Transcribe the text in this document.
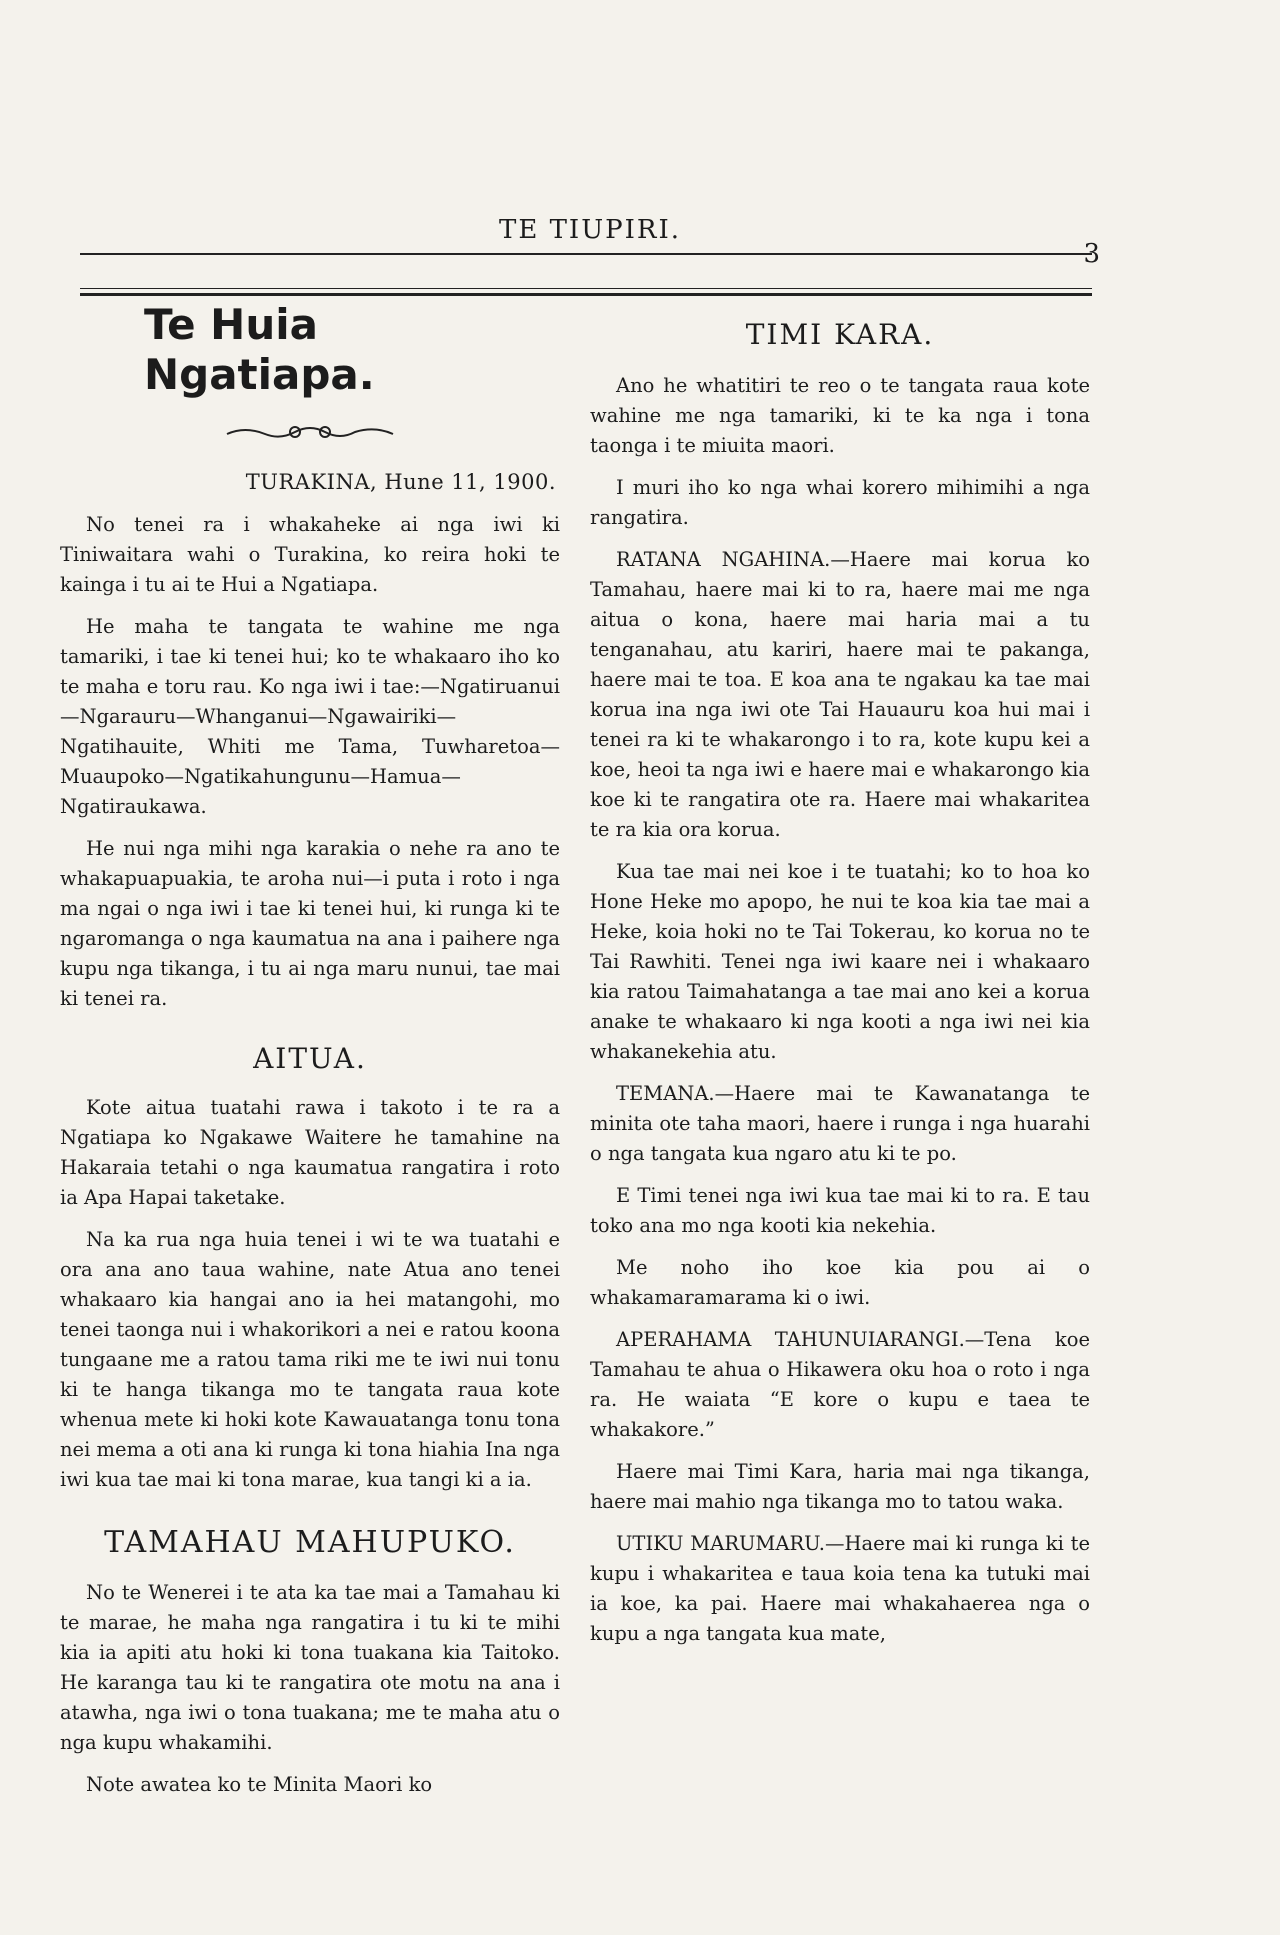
TE TIUPIRI.
3
Te Huia Ngatiapa.
TURAKINA, Hune 11, 1900.

No tenei ra i whakaheke ai nga iwi ki Tiniwaitara wahi o Turakina, ko reira hoki te kainga i tu ai te Hui a Ngatiapa.

He maha te tangata te wahine me nga tamariki, i tae ki tenei hui; ko te whakaaro iho ko te maha e toru rau. Ko nga iwi i tae:—Ngatiruanui—Ngarauru—Whanganui—Ngawairiki—Ngatihauite, Whiti me Tama, Tuwharetoa—Muaupoko—Ngatikahungunu—Hamua—Ngatiraukawa.

He nui nga mihi nga karakia o nehe ra ano te whakapuapuakia, te aroha nui—i puta i roto i nga ma ngai o nga iwi i tae ki tenei hui, ki runga ki te ngaromanga o nga kaumatua na ana i paihere nga kupu nga tikanga, i tu ai nga maru nunui, tae mai ki tenei ra.

AITUA.

Kote aitua tuatahi rawa i takoto i te ra a Ngatiapa ko Ngakawe Waitere he tamahine na Hakaraia tetahi o nga kaumatua rangatira i roto ia Apa Hapai taketake.

Na ka rua nga huia tenei i wi te wa tuatahi e ora ana ano taua wahine, nate Atua ano tenei whakaaro kia hangai ano ia hei matangohi, mo tenei taonga nui i whakorikori a nei e ratou koona tungaane me a ratou tama riki me te iwi nui tonu ki te hanga tikanga mo te tangata raua kote whenua mete ki hoki kote Kawauatanga tonu tona nei mema a oti ana ki runga ki tona hiahia Ina nga iwi kua tae mai ki tona marae, kua tangi ki a ia.

TAMAHAU MAHUPUKO.

No te Wenerei i te ata ka tae mai a Tamahau ki te marae, he maha nga rangatira i tu ki te mihi kia ia apiti atu hoki ki tona tuakana kia Taitoko. He karanga tau ki te rangatira ote motu na ana i atawha, nga iwi o tona tuakana; me te maha atu o nga kupu whakamihi.

Note awatea ko te Minita Maori ko

TIMI KARA.

Ano he whatitiri te reo o te tangata raua kote wahine me nga tamariki, ki te ka nga i tona taonga i te miuita maori.

I muri iho ko nga whai korero mihimihi a nga rangatira.

RATANA NGAHINA.—Haere mai korua ko Tamahau, haere mai ki to ra, haere mai me nga aitua o kona, haere mai haria mai a tu tenganahau, atu kariri, haere mai te pakanga, haere mai te toa. E koa ana te ngakau ka tae mai korua ina nga iwi ote Tai Hauauru koa hui mai i tenei ra ki te whakarongo i to ra, kote kupu kei a koe, heoi ta nga iwi e haere mai e whakarongo kia koe ki te rangatira ote ra. Haere mai whakaritea te ra kia ora korua.

Kua tae mai nei koe i te tuatahi; ko to hoa ko Hone Heke mo apopo, he nui te koa kia tae mai a Heke, koia hoki no te Tai Tokerau, ko korua no te Tai Rawhiti. Tenei nga iwi kaare nei i whakaaro kia ratou Taimahatanga a tae mai ano kei a korua anake te whakaaro ki nga kooti a nga iwi nei kia whakanekehia atu.

TEMANA.—Haere mai te Kawanatanga te minita ote taha maori, haere i runga i nga huarahi o nga tangata kua ngaro atu ki te po.

E Timi tenei nga iwi kua tae mai ki to ra. E tau toko ana mo nga kooti kia nekehia.

Me noho iho koe kia pou ai o whakamaramarama ki o iwi.

APERAHAMA TAHUNUIARANGI.—Tena koe Tamahau te ahua o Hikawera oku hoa o roto i nga ra. He waiata “E kore o kupu e taea te whakakore.”

Haere mai Timi Kara, haria mai nga tikanga, haere mai mahio nga tikanga mo to tatou waka.

UTIKU MARUMARU.—Haere mai ki runga ki te kupu i whakaritea e taua koia tena ka tutuki mai ia koe, ka pai. Haere mai whakahaerea nga o kupu a nga tangata kua mate,
